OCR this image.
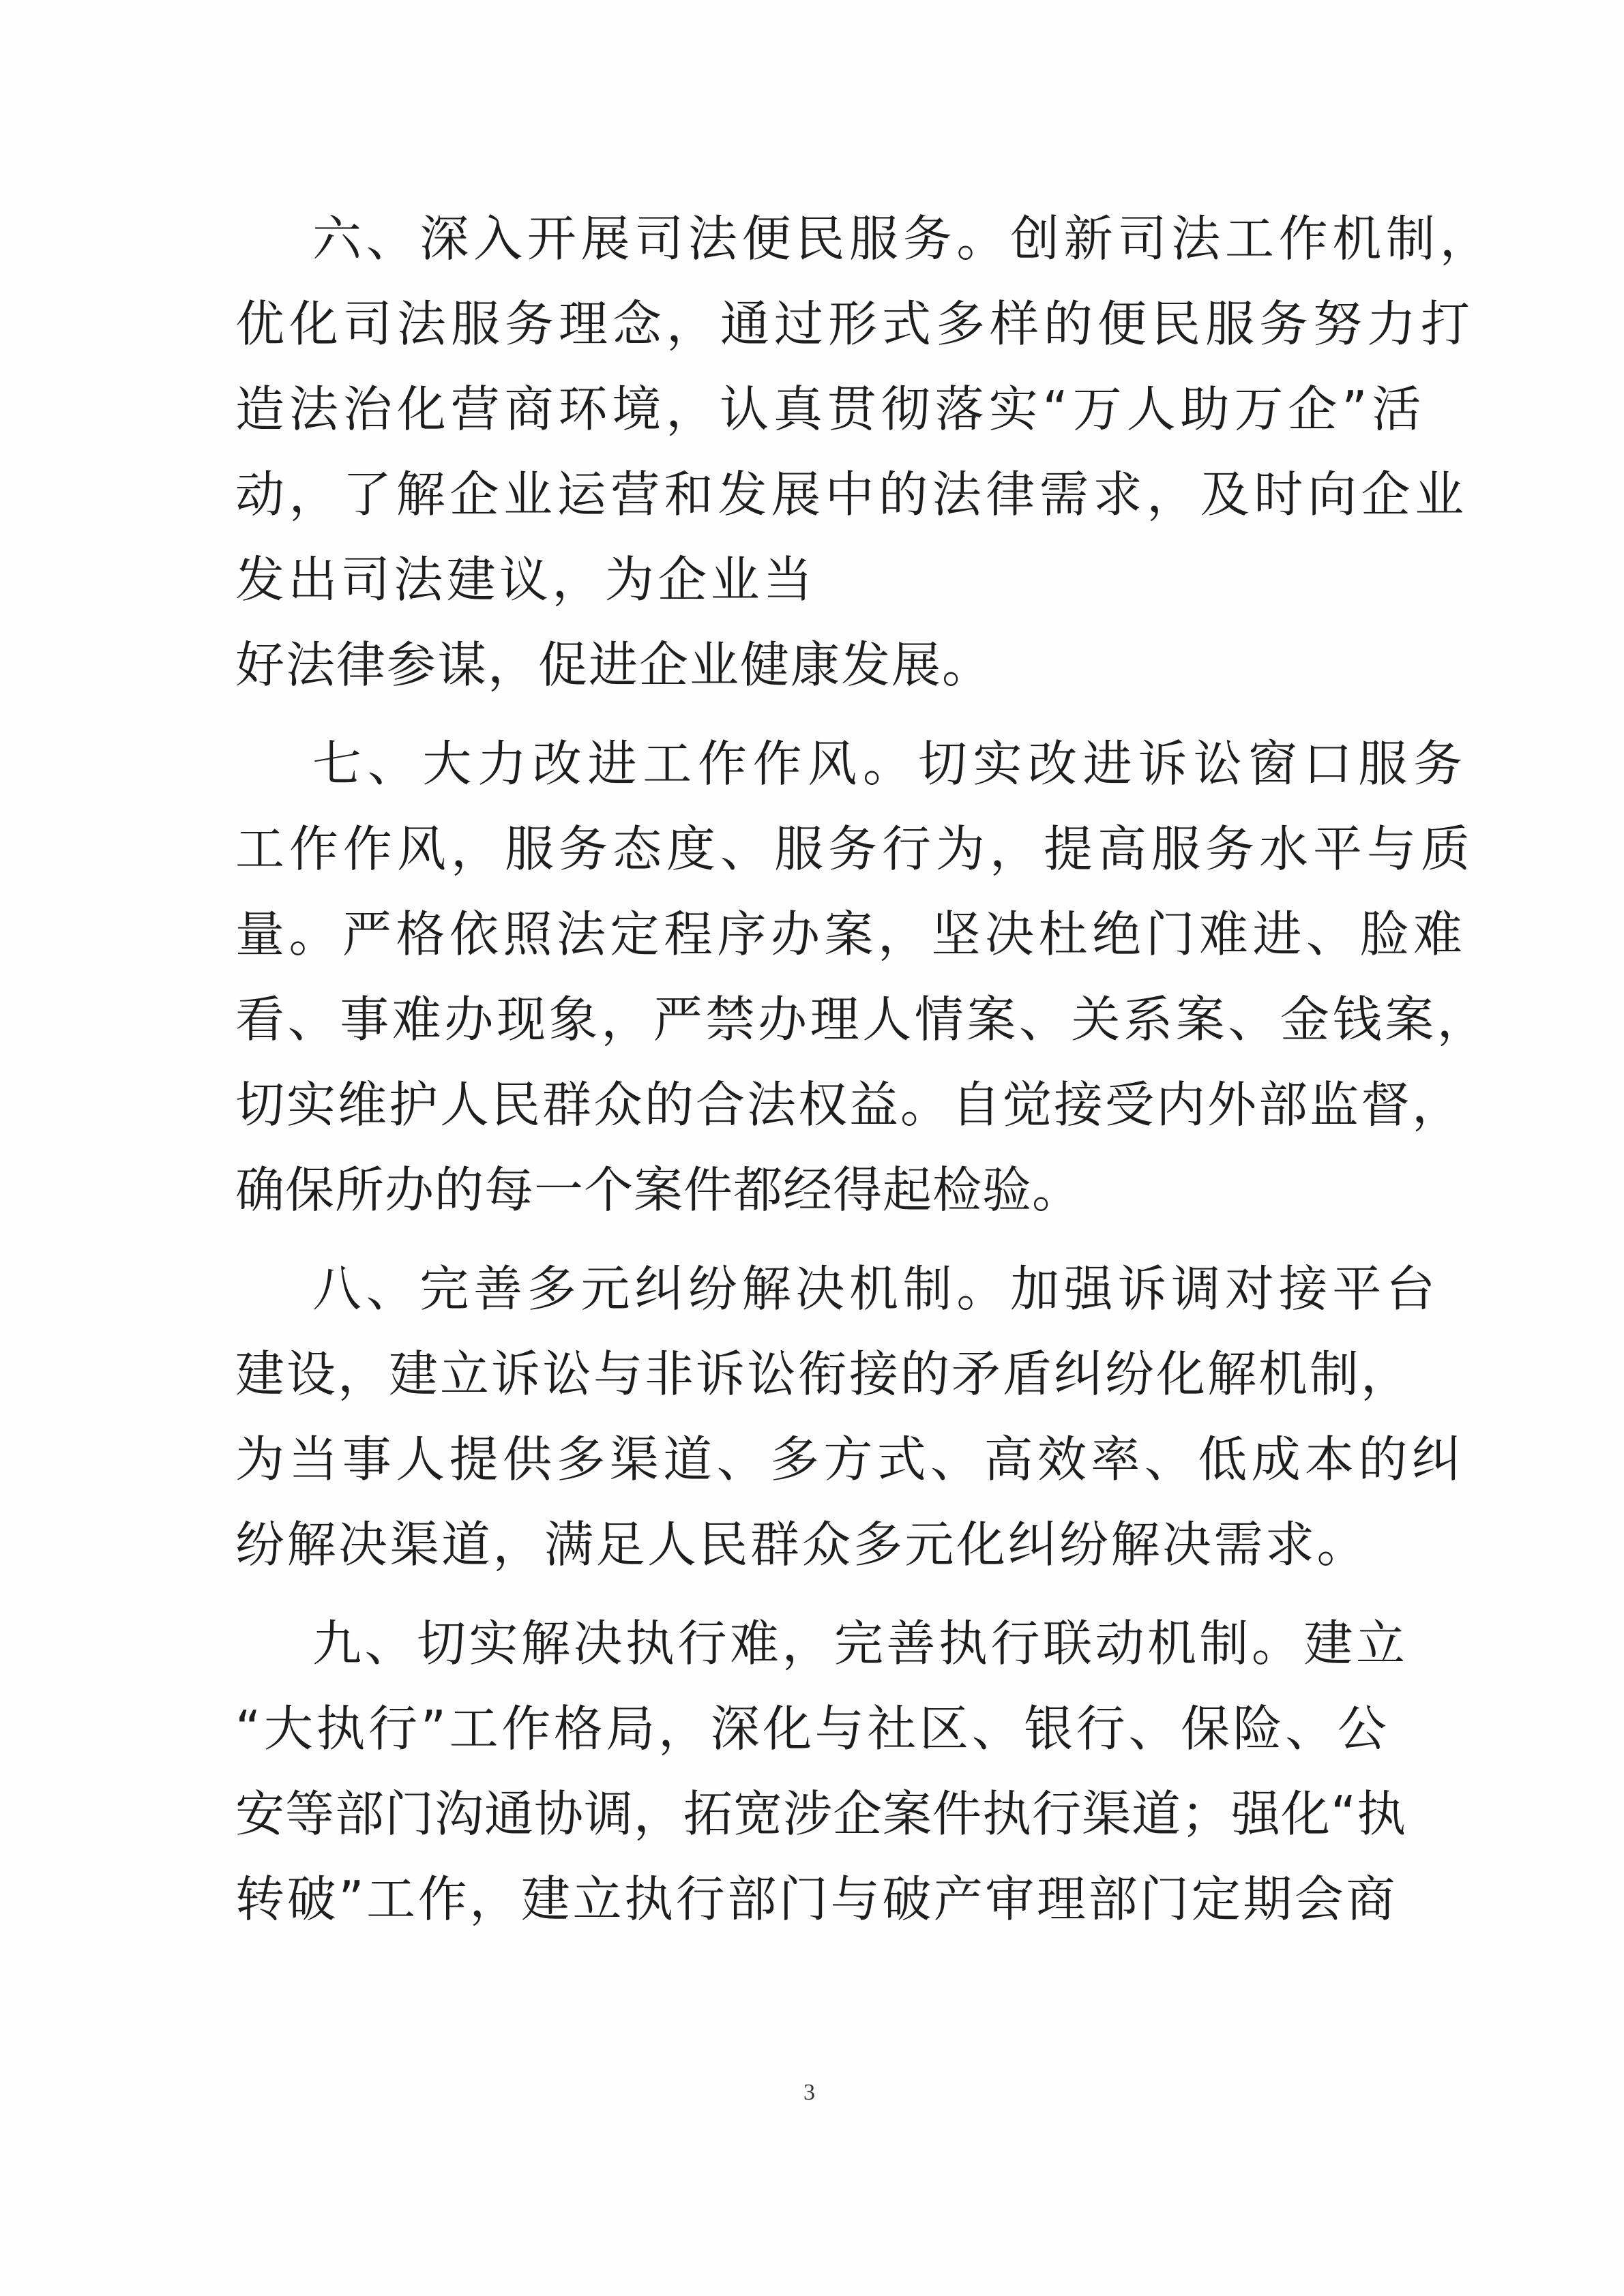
六、深入开展司法便民服务。创新司法工作机制，
优化司法服务理念，通过形式多样的便民服务努力打
造法治化营商环境，认真贯彻落实“万人助万企”活
动，了解企业运营和发展中的法律需求，及时向企业
发出司法建议，为企业当
好法律参谋，促进企业健康发展。
七、大力改进工作作风。切实改进诉讼窗口服务
工作作风，服务态度、服务行为，提高服务水平与质
量。严格依照法定程序办案，坚决杜绝门难进、脸难
看、事难办现象，严禁办理人情案、关系案、金钱案，
切实维护人民群众的合法权益。自觉接受内外部监督，
确保所办的每一个案件都经得起检验。
八、完善多元纠纷解决机制。加强诉调对接平台
建设，建立诉讼与非诉讼衔接的矛盾纠纷化解机制，
为当事人提供多渠道、多方式、高效率、低成本的纠
纷解决渠道，满足人民群众多元化纠纷解决需求。
九、切实解决执行难，完善执行联动机制。建立
“大执行”工作格局，深化与社区、银行、保险、公
安等部门沟通协调，拓宽涉企案件执行渠道；强化“执
转破”工作，建立执行部门与破产审理部门定期会商
3
